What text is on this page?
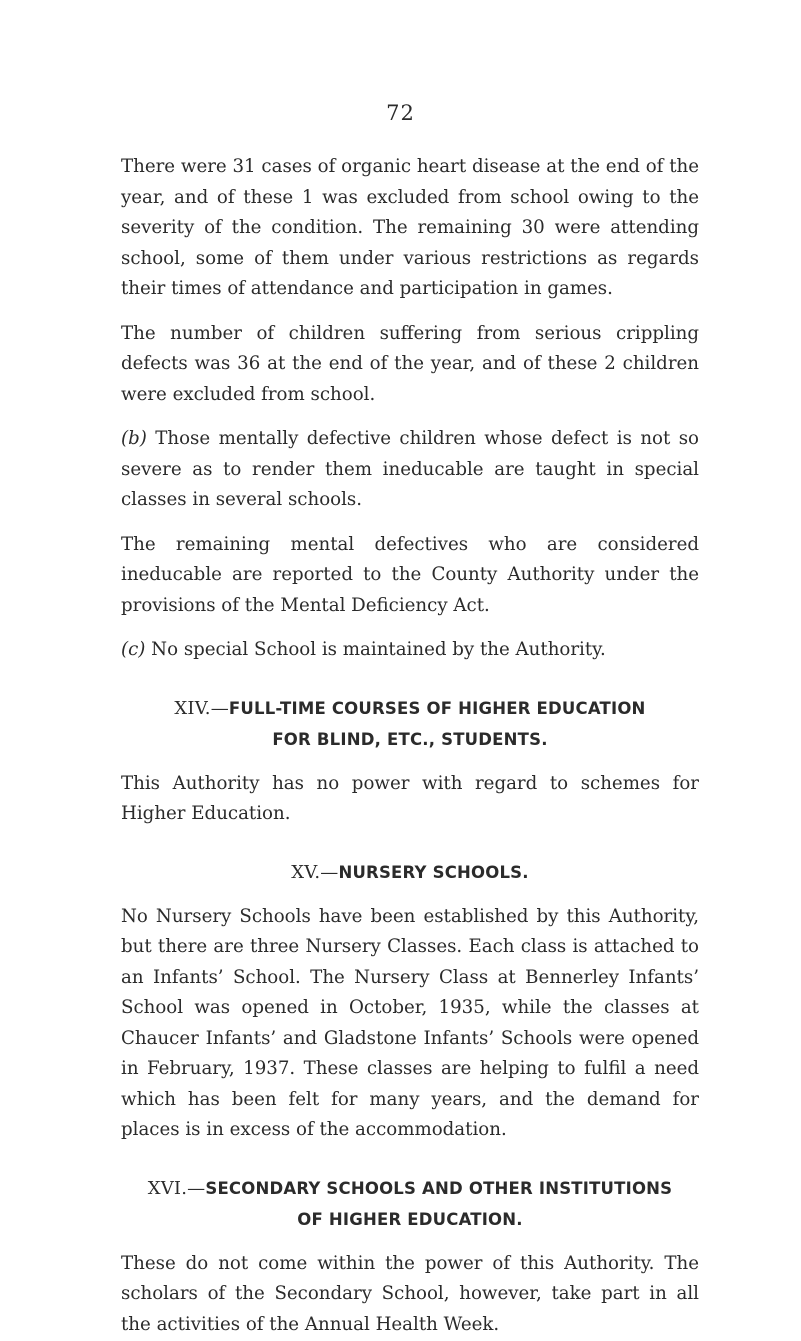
72

There were 31 cases of organic heart disease at the end of the year, and of these 1 was excluded from school owing to the severity of the condition. The remaining 30 were attending school, some of them under various restrictions as regards their times of attendance and participation in games.

The number of children suffering from serious crippling defects was 36 at the end of the year, and of these 2 children were excluded from school.

(b) Those mentally defective children whose defect is not so severe as to render them ineducable are taught in special classes in several schools.

The remaining mental defectives who are considered ineducable are reported to the County Authority under the provisions of the Mental Deficiency Act.

(c) No special School is maintained by the Authority.

XIV.—FULL-TIME COURSES OF HIGHER EDUCATION
FOR BLIND, ETC., STUDENTS.

This Authority has no power with regard to schemes for Higher Education.

XV.—NURSERY SCHOOLS.

No Nursery Schools have been established by this Authority, but there are three Nursery Classes. Each class is attached to an Infants’ School. The Nursery Class at Bennerley Infants’ School was opened in October, 1935, while the classes at Chaucer Infants’ and Gladstone Infants’ Schools were opened in February, 1937. These classes are helping to fulfil a need which has been felt for many years, and the demand for places is in excess of the accommodation.

XVI.—SECONDARY SCHOOLS AND OTHER INSTITUTIONS
OF HIGHER EDUCATION.

These do not come within the power of this Authority. The scholars of the Secondary School, however, take part in all the activities of the Annual Health Week.
